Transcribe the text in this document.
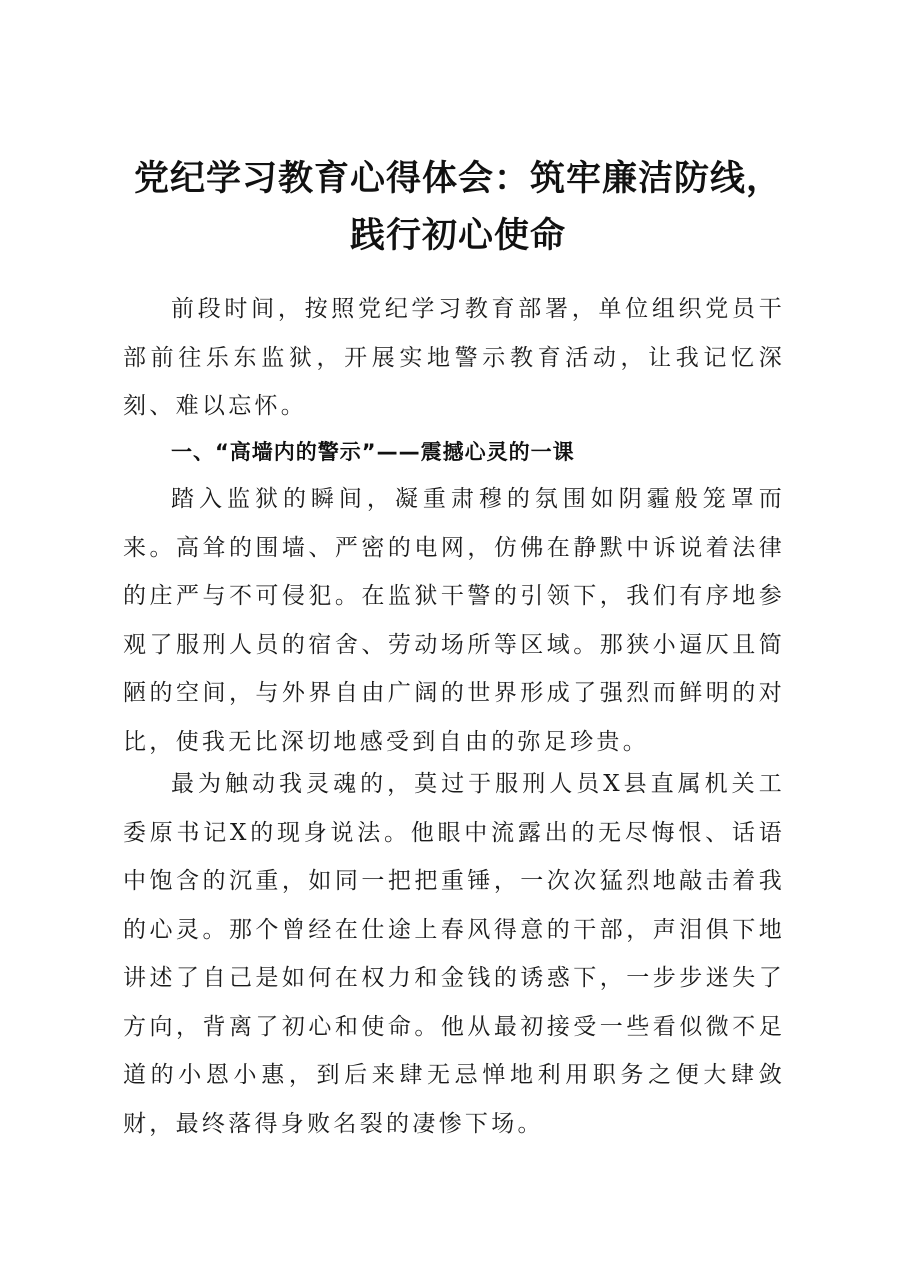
党纪学习教育心得体会：筑牢廉洁防线，践行初心使命

前段时间，按照党纪学习教育部署，单位组织党员干部前往乐东监狱，开展实地警示教育活动，让我记忆深刻、难以忘怀。

一、“高墙内的警示”——震撼心灵的一课

踏入监狱的瞬间，凝重肃穆的氛围如阴霾般笼罩而来。高耸的围墙、严密的电网，仿佛在静默中诉说着法律的庄严与不可侵犯。在监狱干警的引领下，我们有序地参观了服刑人员的宿舍、劳动场所等区域。那狭小逼仄且简陋的空间，与外界自由广阔的世界形成了强烈而鲜明的对比，使我无比深切地感受到自由的弥足珍贵。

最为触动我灵魂的，莫过于服刑人员X县直属机关工委原书记X的现身说法。他眼中流露出的无尽悔恨、话语中饱含的沉重，如同一把把重锤，一次次猛烈地敲击着我的心灵。那个曾经在仕途上春风得意的干部，声泪俱下地讲述了自己是如何在权力和金钱的诱惑下，一步步迷失了方向，背离了初心和使命。他从最初接受一些看似微不足道的小恩小惠，到后来肆无忌惮地利用职务之便大肆敛财，最终落得身败名裂的凄惨下场。
